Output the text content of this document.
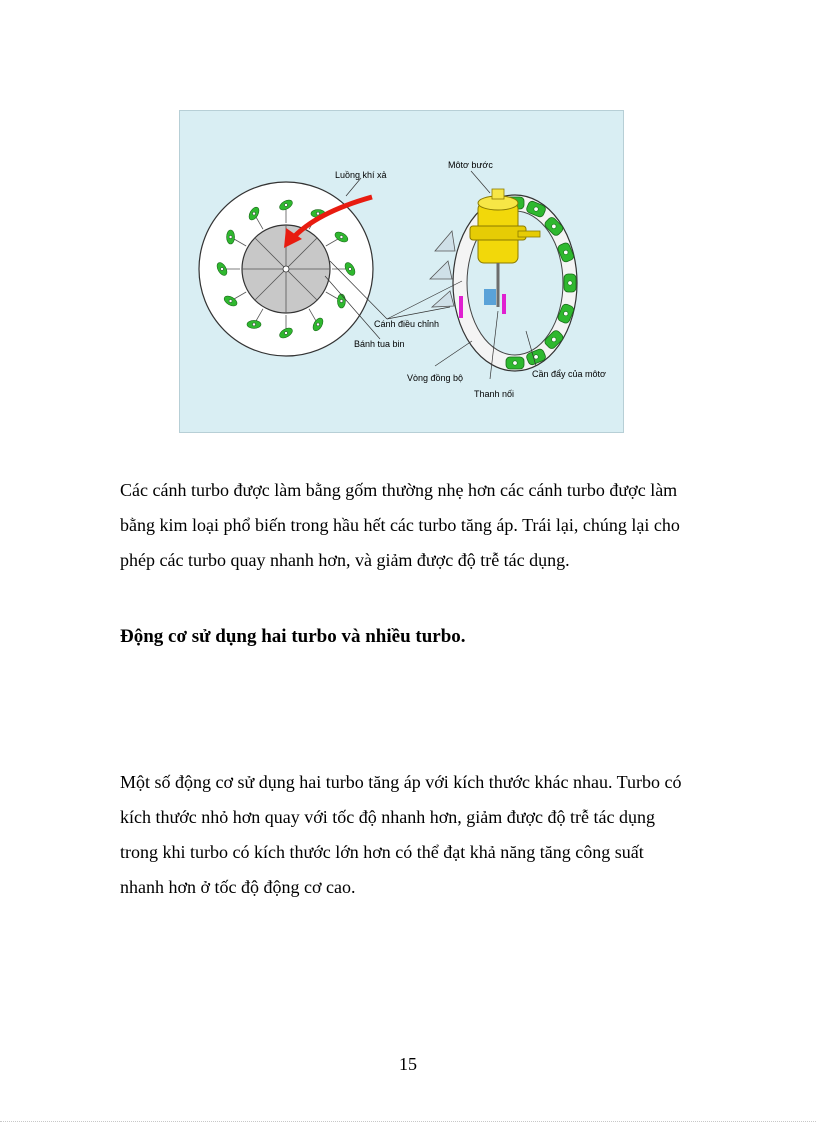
Luồng khí xả
Môtơ bước
Cánh điều chỉnh
Bánh tua bin
Vòng đồng bộ
Thanh nối
Cần đẩy của môtơ

Các cánh turbo được làm bằng gốm thường nhẹ hơn các cánh turbo được làm bằng kim loại phổ biến trong hầu hết các turbo tăng áp. Trái lại, chúng lại cho phép các turbo quay nhanh hơn, và giảm được độ trễ tác dụng.

Động cơ sử dụng hai turbo và nhiều turbo.

Một số động cơ sử dụng hai turbo tăng áp với kích thước khác nhau. Turbo có kích thước nhỏ hơn quay với tốc độ nhanh hơn, giảm được độ trễ tác dụng trong khi turbo có kích thước lớn hơn có thể đạt khả năng tăng công suất nhanh hơn ở tốc độ động cơ cao.

15
